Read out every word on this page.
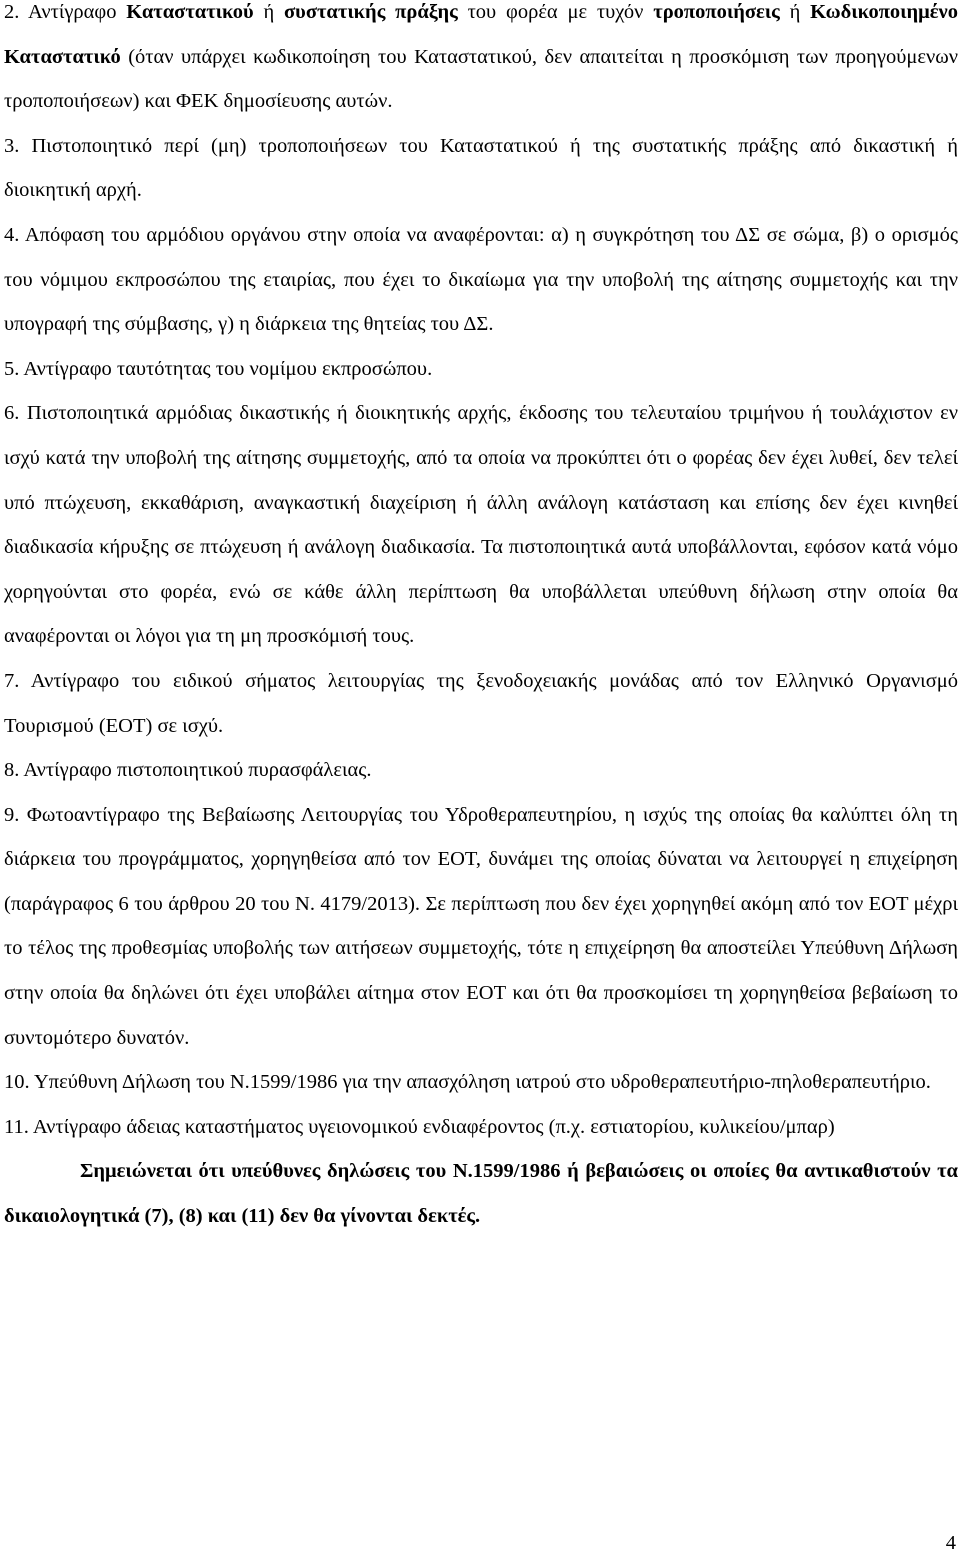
2. Αντίγραφο Καταστατικού ή συστατικής πράξης του φορέα με τυχόν τροποποιήσεις ή Κωδικοποιημένο Καταστατικό (όταν υπάρχει κωδικοποίηση του Καταστατικού, δεν απαιτείται η προσκόμιση των προηγούμενων τροποποιήσεων) και ΦΕΚ δημοσίευσης αυτών.

3. Πιστοποιητικό περί (μη) τροποποιήσεων του Καταστατικού ή της συστατικής πράξης από δικαστική ή διοικητική αρχή.

4. Απόφαση του αρμόδιου οργάνου στην οποία να αναφέρονται: α) η συγκρότηση του ΔΣ σε σώμα, β) ο ορισμός του νόμιμου εκπροσώπου της εταιρίας, που έχει το δικαίωμα για την υποβολή της αίτησης συμμετοχής και την υπογραφή της σύμβασης, γ) η διάρκεια της θητείας του ΔΣ.

5. Αντίγραφο ταυτότητας του νομίμου εκπροσώπου.

6. Πιστοποιητικά αρμόδιας δικαστικής ή διοικητικής αρχής, έκδοσης του τελευταίου τριμήνου ή τουλάχιστον εν ισχύ κατά την υποβολή της αίτησης συμμετοχής, από τα οποία να προκύπτει ότι ο φορέας δεν έχει λυθεί, δεν τελεί υπό πτώχευση, εκκαθάριση, αναγκαστική διαχείριση ή άλλη ανάλογη κατάσταση και επίσης δεν έχει κινηθεί διαδικασία κήρυξης σε πτώχευση ή ανάλογη διαδικασία. Τα πιστοποιητικά αυτά υποβάλλονται, εφόσον κατά νόμο χορηγούνται στο φορέα, ενώ σε κάθε άλλη περίπτωση θα υποβάλλεται υπεύθυνη δήλωση στην οποία θα αναφέρονται οι λόγοι για τη μη προσκόμισή τους.

7. Αντίγραφο του ειδικού σήματος λειτουργίας της ξενοδοχειακής μονάδας από τον Ελληνικό Οργανισμό Τουρισμού (ΕΟΤ) σε ισχύ.

8. Αντίγραφο πιστοποιητικού πυρασφάλειας.

9. Φωτοαντίγραφο της Βεβαίωσης Λειτουργίας του Υδροθεραπευτηρίου, η ισχύς της οποίας θα καλύπτει όλη τη διάρκεια του προγράμματος, χορηγηθείσα από τον ΕΟΤ, δυνάμει της οποίας δύναται να λειτουργεί η επιχείρηση (παράγραφος 6 του άρθρου 20 του Ν. 4179/2013). Σε περίπτωση που δεν έχει χορηγηθεί ακόμη από τον ΕΟΤ μέχρι το τέλος της προθεσμίας υποβολής των αιτήσεων συμμετοχής, τότε η επιχείρηση θα αποστείλει Υπεύθυνη Δήλωση στην οποία θα δηλώνει ότι έχει υποβάλει αίτημα στον ΕΟΤ και ότι θα προσκομίσει τη χορηγηθείσα βεβαίωση το συντομότερο δυνατόν.

10. Υπεύθυνη Δήλωση του Ν.1599/1986 για την απασχόληση ιατρού στο υδροθεραπευτήριο-πηλοθεραπευτήριο.

11. Αντίγραφο άδειας καταστήματος υγειονομικού ενδιαφέροντος (π.χ. εστιατορίου, κυλικείου/μπαρ)

Σημειώνεται ότι υπεύθυνες δηλώσεις του Ν.1599/1986 ή βεβαιώσεις οι οποίες θα αντικαθιστούν τα δικαιολογητικά (7), (8) και (11) δεν θα γίνονται δεκτές.

4
